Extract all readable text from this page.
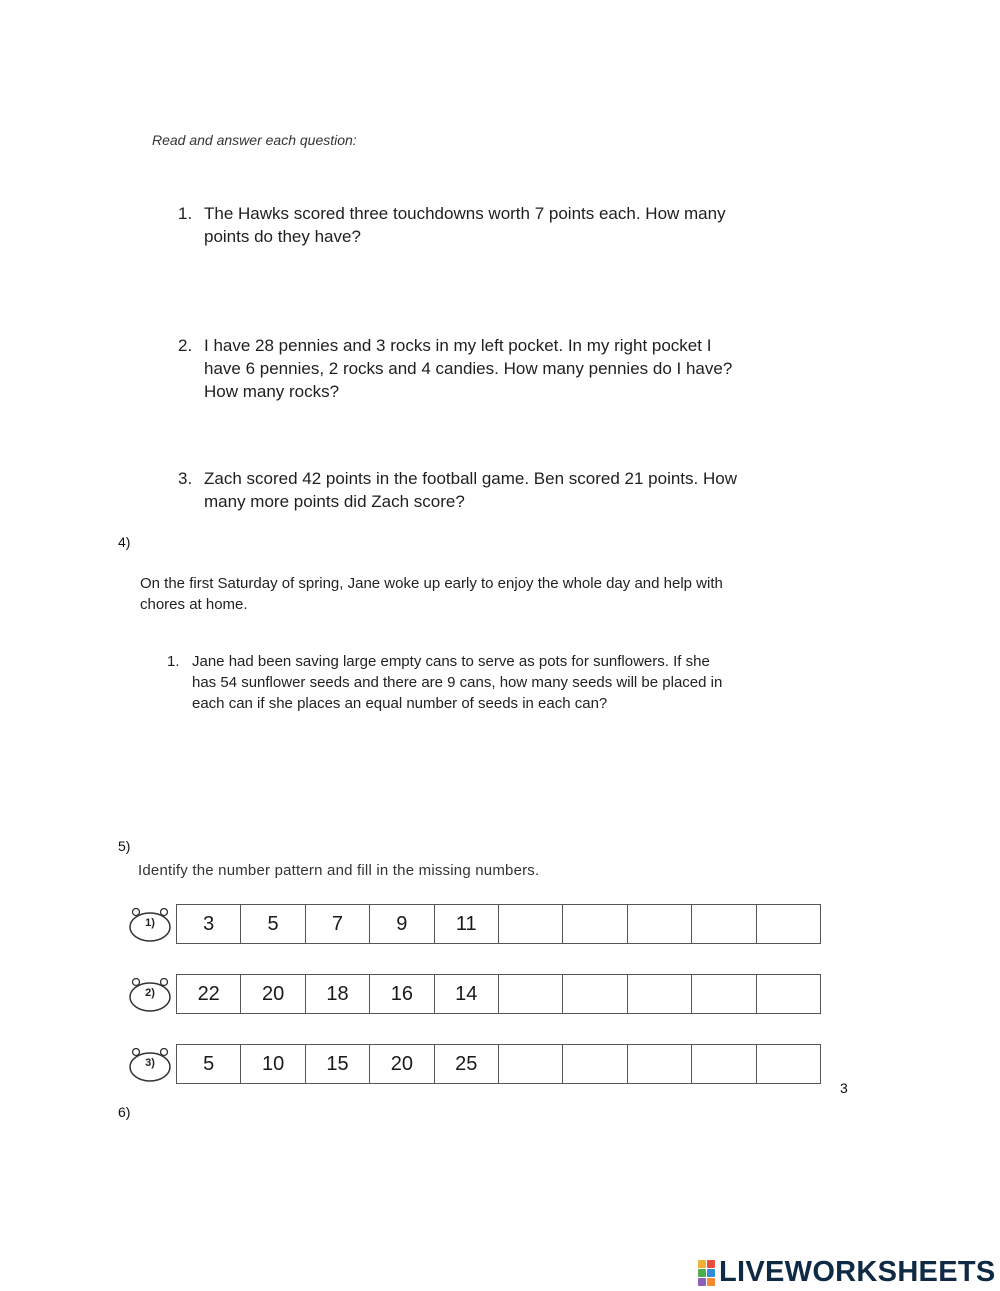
Read and answer each question:
1. The Hawks scored three touchdowns worth 7 points each. How many
points do they have?
2. I have 28 pennies and 3 rocks in my left pocket. In my right pocket I
have 6 pennies, 2 rocks and 4 candies. How many pennies do I have?
How many rocks?
3. Zach scored 42 points in the football game. Ben scored 21 points. How
many more points did Zach score?
4)
On the first Saturday of spring, Jane woke up early to enjoy the whole day and help with
chores at home.
1. Jane had been saving large empty cans to serve as pots for sunflowers. If she
has 54 sunflower seeds and there are 9 cans, how many seeds will be placed in
each can if she places an equal number of seeds in each can?
5)
Identify the number pattern and fill in the missing numbers.
1)	3	5	7	9	11
2)	22	20	18	16	14
3)	5	10	15	20	25
3
6)
LIVEWORKSHEETS
